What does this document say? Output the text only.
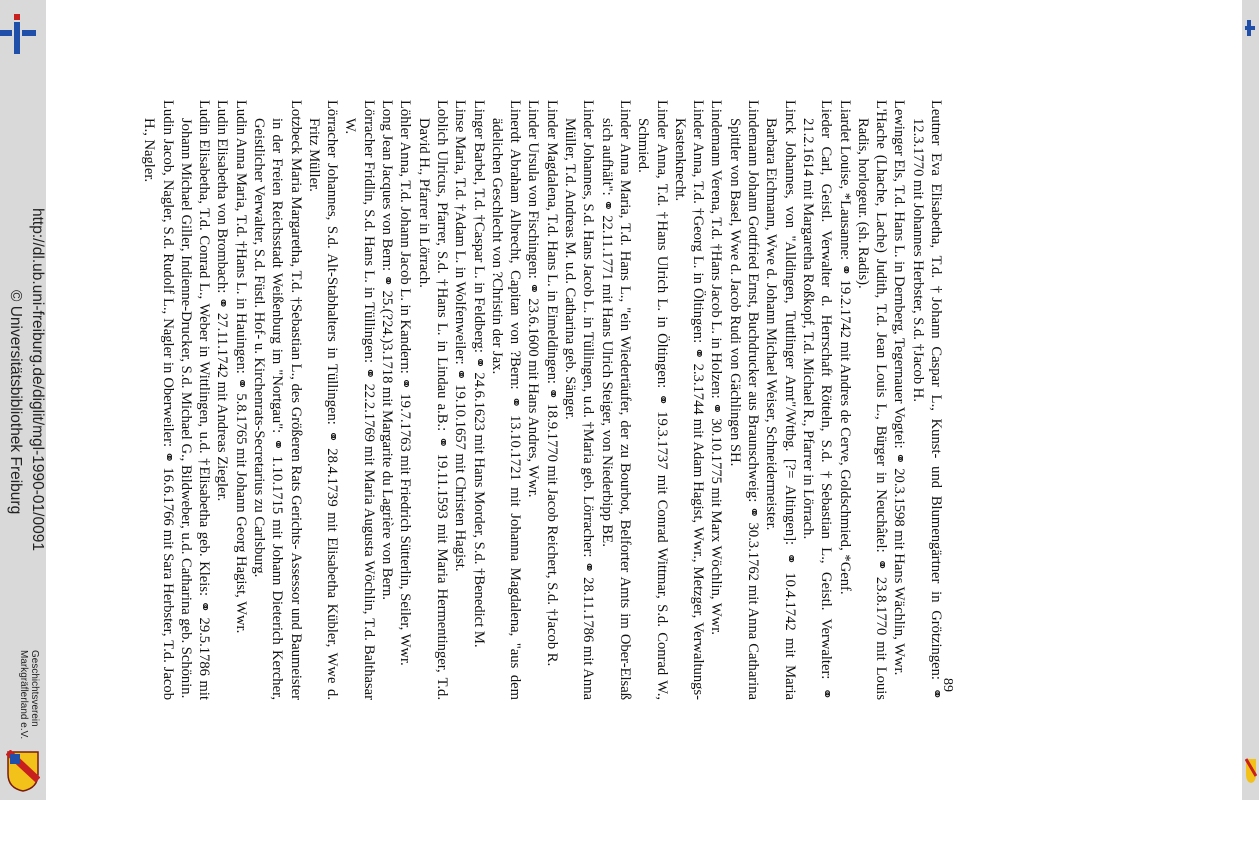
http://dl.ub.uni-freiburg.de/diglit/mgl-1990-01/0091
© Universitätsbibliothek Freiburg
Geschichtsverein
Markgräflerland e.V.	Leutner Eva Elisabetha, T.d. †Johann Caspar L., Kunst- und Blumengärtner in Grötzingen: ⚭ 12.3.1770 mit Johannes Herbster, S.d. †Jacob H.

Lewinger Els, T.d. Hans L. in Dernberg, Tegernauer Vogtei: ⚭ 20.3.1598 mit Hans Wächlin, Wwr.

L'Hache (Lhache, Lache) Judith, T.d. Jean Louis L., Bürger in Neuchâtel: ⚭ 23.8.1770 mit Louis Radis, horlogeur. (sh. Radis).

Liardet Louise, *Lausanne: ⚭ 19.2.1742 mit Andres de Cerve, Goldschmied, *Genf.

Lieder Carl, Geistl. Verwalter d. Herrschaft Rötteln, S.d. †Sebastian L., Geistl. Verwalter: ⚭ 21.2.1614 mit Margaretha Roßkopf, T.d. Michael R., Pfarrer in Lörrach.

Linck Johannes, von "Alldingen, Tuttlinger Amt"/Wttbg. [?= Altingen]: ⚭ 10.4.1742 mit Maria Barbara Eichmann, Wwe d. Johann Michael Weiser, Schneidermeister.

Lindemann Johann Gottfried Ernst, Buchdrucker aus Braunschweig: ⚭ 30.3.1762 mit Anna Catharina Spittler von Basel, Wwe d. Jacob Rudi von Gächlingen SH.

Lindemann Verena, T.d. †Hans Jacob L. in Holzen: ⚭ 30.10.1775 mit Marx Wöchlin, Wwr.

Linder Anna, T.d. †Georg L. in Öltingen: ⚭ 2.3.1744 mit Adam Hagist, Wwr., Metzger, Verwaltungs-Kastenknecht.

Linder Anna, T.d. †Hans Ulrich L. in Öltingen: ⚭ 19.3.1737 mit Conrad Wittmar, S.d. Conrad W., Schmied.

Linder Anna Maria, T.d. Hans L., "ein Wiedertäufer, der zu Bourbot, Belforter Amts im Ober-Elsaß sich aufhält": ⚭ 22.11.1771 mit Hans Ulrich Steiger, von Niederbipp BE.

Linder Johannes, S.d. Hans Jacob L. in Tüllingen, u.d. †Maria geb. Lörracher: ⚭ 28.11.1786 mit Anna Müller, T.d. Andreas M. u.d. Catharina geb. Sänger.

Linder Magdalena, T.d. Hans L. in Eimeldingen: ⚭ 18.9.1770 mit Jacob Reichert, S.d. †Jacob R.

Linder Ursula von Fischingen: ⚭ 23.6.1600 mit Hans Andres, Wwr.

Linerdt Abraham Albrecht, Capitan von ?Bern: ⚭ 13.10.1721 mit Johanna Magdalena, "aus dem ädelichen Geschlecht von ?Christin der Jax.

Linger Barbel, T.d. †Caspar L. in Feldberg: ⚭ 24.6.1623 mit Hans Morder, S.d. †Benedict M.

Linse Maria, T.d. †Adam L. in Wolfenweiler: ⚭ 19.10.1657 mit Christen Hagist.

Loblich Ulricus, Pfarrer, S.d. †Hans L. in Lindau a.B.: ⚭ 19.11.1593 mit Maria Hermentinger, T.d. David H., Pfarrer in Lörrach.

Löhler Anna, T.d. Johann Jacob L. in Kandern: ⚭ 19.7.1763 mit Friedrich Sütterlin, Seiler, Wwr.

Long Jean Jacques von Bern: ⚭ 25.(?24.)3.1718 mit Margarite du Lagrière von Bern.

Lörracher Fridlin, S.d. Hans L. in Tüllingen: ⚭ 22.2.1769 mit Maria Augusta Wöchlin, T.d. Balthasar W.

Lörracher Johannes, S.d. Alt-Stabhalters in Tüllingen: ⚭ 28.4.1739 mit Elisabetha Kübler, Wwe d. Fritz Müller.

Lotzbeck Maria Margaretha, T.d. †Sebastian L., des Größeren Rats Gerichts- Assessor und Baumeister in der Freien Reichsstadt Weißenburg im "Nortgau": ⚭ 1.10.1715 mit Johann Dieterich Kercher, Geistlicher Verwalter, S.d. Füstl. Hof- u. Kirchenrats-Secretarius zu Carlsburg.

Ludin Anna Maria, T.d. †Hans L. in Hauingen: ⚭ 5.8.1765 mit Johann Georg Hagist, Wwr.

Ludin Elisabetha von Brombach: ⚭ 27.11.1742 mit Andreas Ziegler.

Ludin Elisabetha, T.d. Conrad L., Weber in Wittlingen, u.d. †Elisabetha geb. Kleis: ⚭ 29.5.1786 mit Johann Michael Giller, Indienne-Drucker, S.d. Michael G., Bildweber, u.d. Catharina geb. Schönin.

Ludin Jacob, Nagler, S.d. Rudolf L., Nagler in Oberweiler: ⚭ 16.6.1766 mit Sara Herbster, T.d. Jacob H., Nagler.

89
